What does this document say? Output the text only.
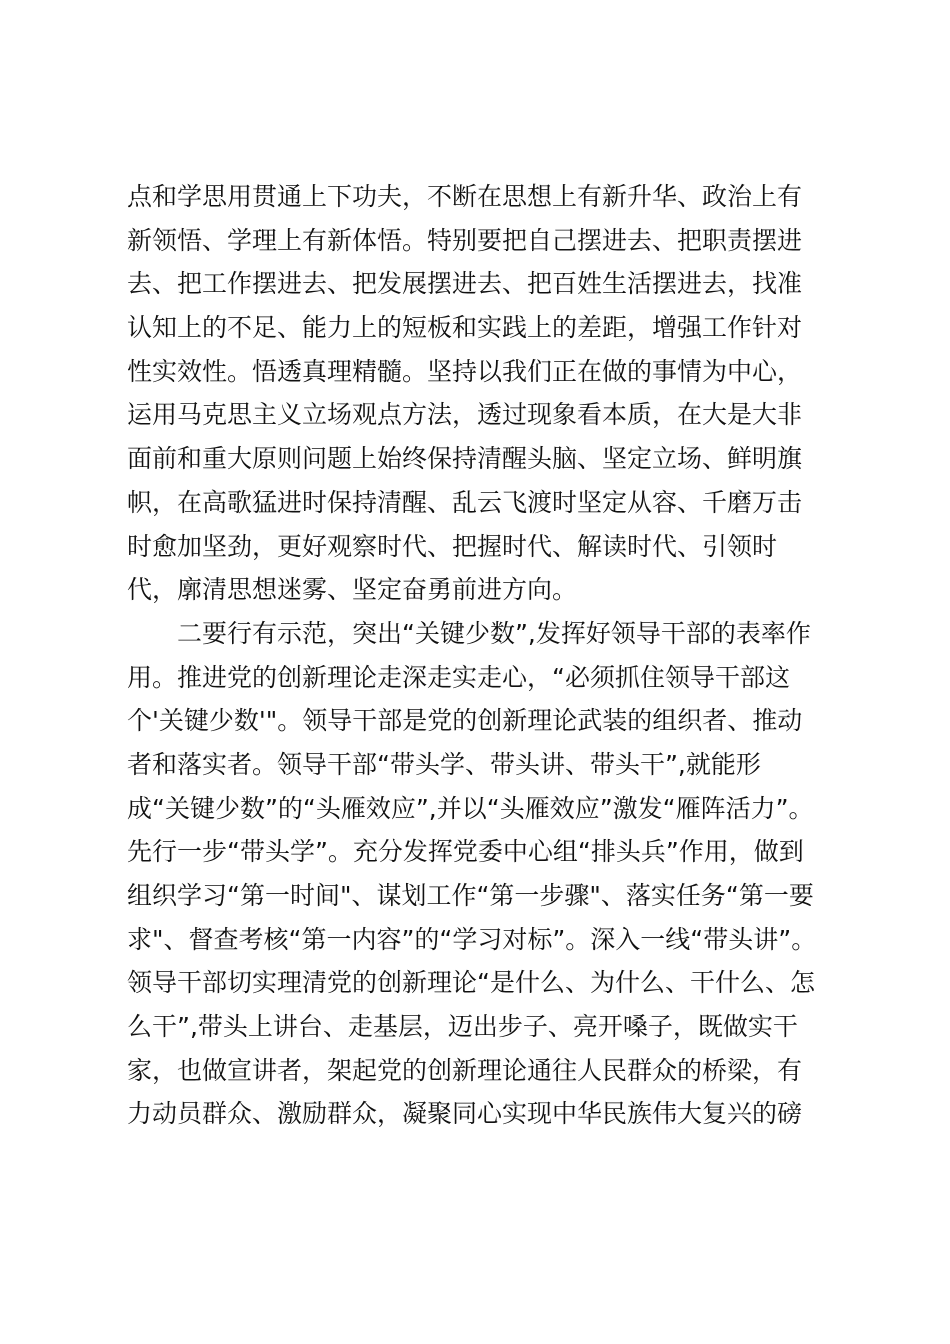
点和学思用贯通上下功夫，不断在思想上有新升华、政治上有
新领悟、学理上有新体悟。特别要把自己摆进去、把职责摆进
去、把工作摆进去、把发展摆进去、把百姓生活摆进去，找准
认知上的不足、能力上的短板和实践上的差距，增强工作针对
性实效性。悟透真理精髓。坚持以我们正在做的事情为中心，
运用马克思主义立场观点方法，透过现象看本质，在大是大非
面前和重大原则问题上始终保持清醒头脑、坚定立场、鲜明旗
帜，在高歌猛进时保持清醒、乱云飞渡时坚定从容、千磨万击
时愈加坚劲，更好观察时代、把握时代、解读时代、引领时
代，廓清思想迷雾、坚定奋勇前进方向。
二要行有示范，突出“关键少数”,发挥好领导干部的表率作
用。推进党的创新理论走深走实走心，“必须抓住领导干部这
个'关键少数'"。领导干部是党的创新理论武装的组织者、推动
者和落实者。领导干部“带头学、带头讲、带头干”,就能形
成“关键少数”的“头雁效应”,并以“头雁效应”激发“雁阵活力”。
先行一步“带头学”。充分发挥党委中心组“排头兵”作用，做到
组织学习“第一时间"、谋划工作“第一步骤"、落实任务“第一要
求"、督查考核“第一内容”的“学习对标”。深入一线“带头讲”。
领导干部切实理清党的创新理论“是什么、为什么、干什么、怎
么干”,带头上讲台、走基层，迈出步子、亮开嗓子，既做实干
家，也做宣讲者，架起党的创新理论通往人民群众的桥梁，有
力动员群众、激励群众，凝聚同心实现中华民族伟大复兴的磅
